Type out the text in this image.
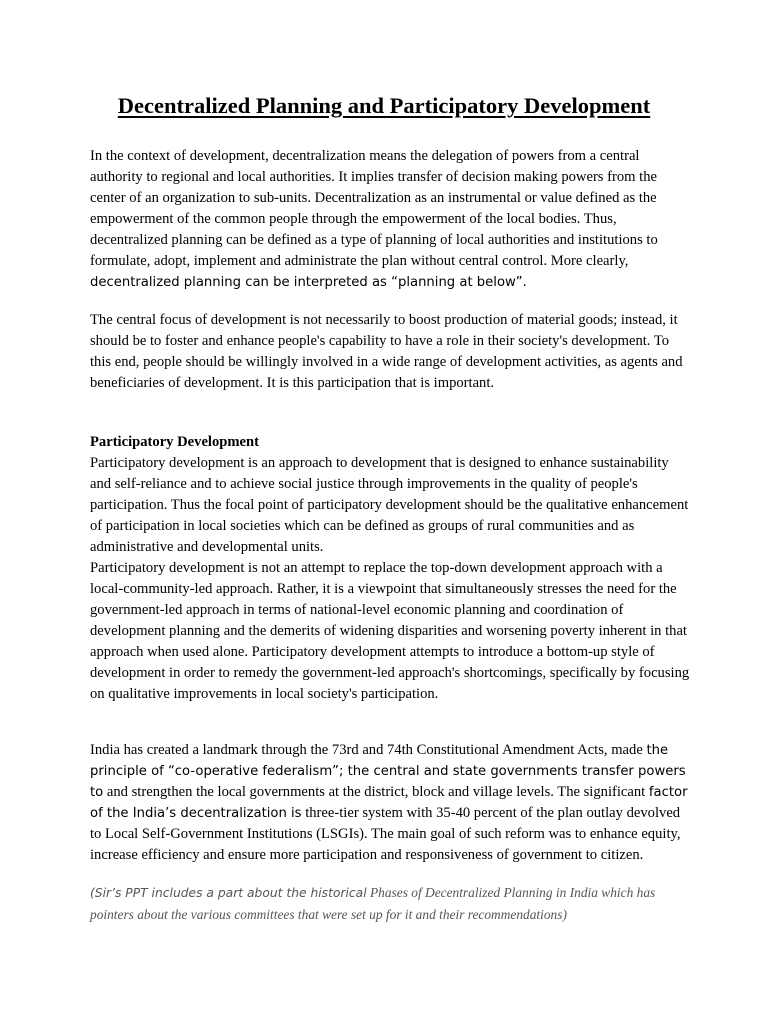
Decentralized Planning and Participatory Development

In the context of development, decentralization means the delegation of powers from a central authority to regional and local authorities. It implies transfer of decision making powers from the center of an organization to sub-units. Decentralization as an instrumental or value defined as the empowerment of the common people through the empowerment of the local bodies. Thus, decentralized planning can be defined as a type of planning of local authorities and institutions to formulate, adopt, implement and administrate the plan without central control. More clearly, decentralized planning can be interpreted as “planning at below”.

The central focus of development is not necessarily to boost production of material goods; instead, it should be to foster and enhance people's capability to have a role in their society's development. To this end, people should be willingly involved in a wide range of development activities, as agents and beneficiaries of development. It is this participation that is important.

Participatory Development

Participatory development is an approach to development that is designed to enhance sustainability and self-reliance and to achieve social justice through improvements in the quality of people's participation. Thus the focal point of participatory development should be the qualitative enhancement of participation in local societies which can be defined as groups of rural communities and as administrative and developmental units.

Participatory development is not an attempt to replace the top-down development approach with a local-community-led approach. Rather, it is a viewpoint that simultaneously stresses the need for the government-led approach in terms of national-level economic planning and coordination of development planning and the demerits of widening disparities and worsening poverty inherent in that approach when used alone. Participatory development attempts to introduce a bottom-up style of development in order to remedy the government-led approach's shortcomings, specifically by focusing on qualitative improvements in local society's participation.

India has created a landmark through the 73rd and 74th Constitutional Amendment Acts, made the principle of “co-operative federalism”; the central and state governments transfer powers to and strengthen the local governments at the district, block and village levels. The significant factor of the India’s decentralization is three-tier system with 35-40 percent of the plan outlay devolved to Local Self-Government Institutions (LSGIs). The main goal of such reform was to enhance equity, increase efficiency and ensure more participation and responsiveness of government to citizen.

(Sir’s PPT includes a part about the historical Phases of Decentralized Planning in India which has pointers about the various committees that were set up for it and their recommendations)
